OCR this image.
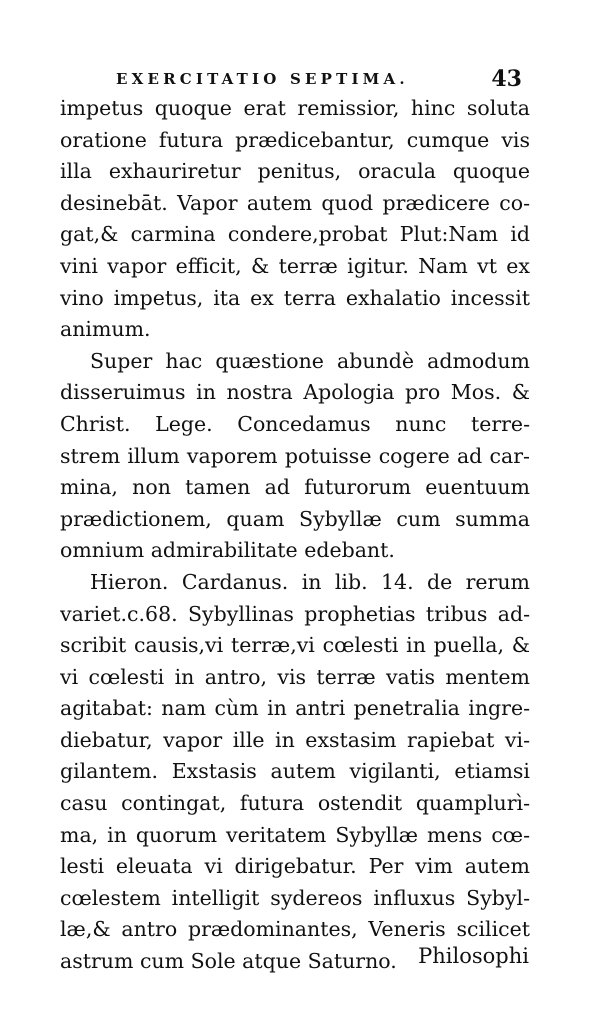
EXERCITATIO SEPTIMA.	43
impetus quoque erat remissior, hinc soluta
oratione futura prædicebantur, cumque vis
illa exhauriretur penitus, oracula quoque
desinebāt. Vapor autem quod prædicere co-
gat,& carmina condere,probat Plut:Nam id
vini vapor efficit, & terræ igitur. Nam vt ex
vino impetus, ita ex terra exhalatio incessit
animum.
Super hac quæstione abundè admodum
disseruimus in nostra Apologia pro Mos. &
Christ. Lege. Concedamus nunc terre-
strem illum vaporem potuisse cogere ad car-
mina, non tamen ad futurorum euentuum
prædictionem, quam Sybyllæ cum summa
omnium admirabilitate edebant.
Hieron. Cardanus. in lib. 14. de rerum
variet.c.68. Sybyllinas prophetias tribus ad-
scribit causis,vi terræ,vi cœlesti in puella, &
vi cœlesti in antro, vis terræ vatis mentem
agitabat: nam cùm in antri penetralia ingre-
diebatur, vapor ille in exstasim rapiebat vi-
gilantem. Exstasis autem vigilanti, etiamsi
casu contingat, futura ostendit quamplurì-
ma, in quorum veritatem Sybyllæ mens cœ-
lesti eleuata vi dirigebatur. Per vim autem
cœlestem intelligit sydereos influxus Sybyl-
læ,& antro prædominantes, Veneris scilicet
astrum cum Sole atque Saturno.	Philosophi
